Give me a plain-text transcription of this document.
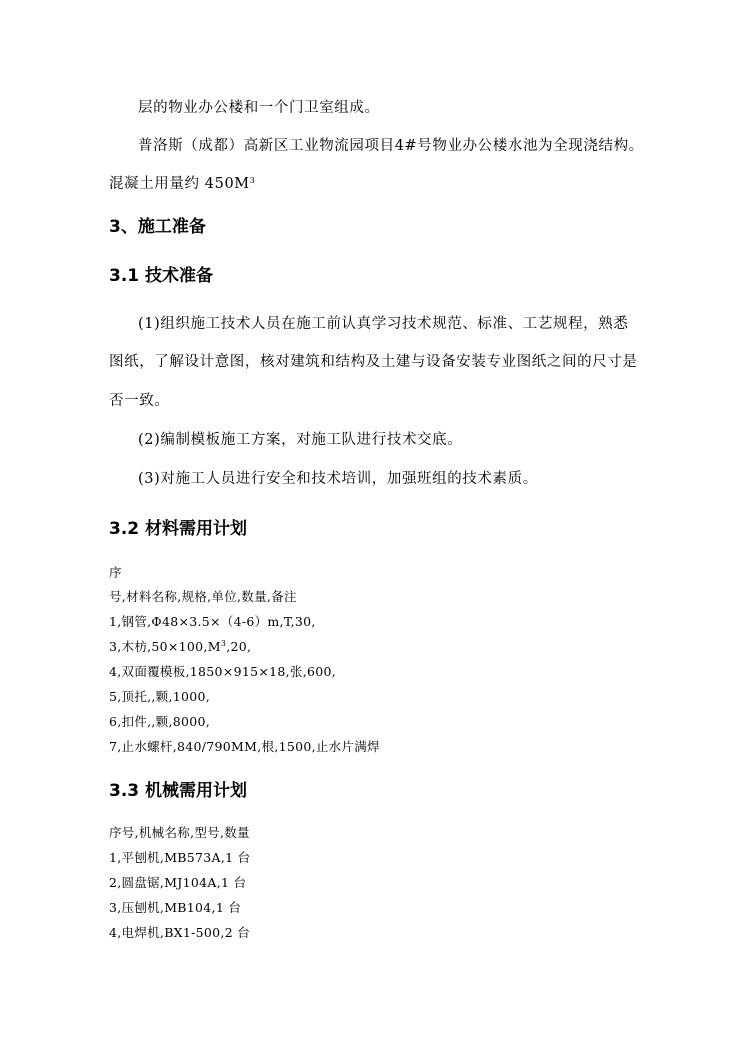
层的物业办公楼和一个门卫室组成。
普洛斯（成都）高新区工业物流园项目4#号物业办公楼水池为全现浇结构。
混凝土用量约 $450M^3$
3、施工准备
3.1 技术准备
(1)组织施工技术人员在施工前认真学习技术规范、标准、工艺规程，熟悉
图纸，了解设计意图，核对建筑和结构及土建与设备安装专业图纸之间的尺寸是
否一致。
(2)编制模板施工方案，对施工队进行技术交底。
(3)对施工人员进行安全和技术培训，加强班组的技术素质。
3.2 材料需用计划
序
号,材料名称,规格,单位,数量,备注
1,钢管,Φ48×3.5×（4-6）m,T,30,
3,木枋$,50\times 100,M^3,20$,
4,双面覆模板,1850×915×18,张,600,
5,顶托,,颗,1000,
6,扣件,,颗,8000,
7,止水螺杆,840/790MM,根,1500,止水片满焊
3.3 机械需用计划
序号,机械名称,型号,数量
1,平刨机,MB573A,1 台
2,圆盘锯,MJ104A,1 台
3,压刨机,MB104,1 台
4,电焊机,BX1-500,2 台
